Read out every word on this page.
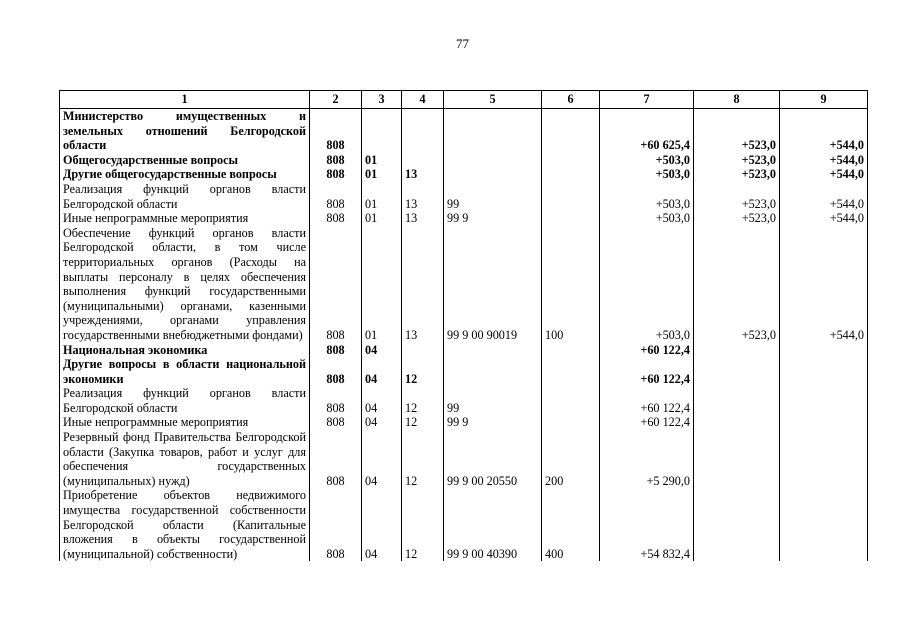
77
1	2	3	4	5	6	7	8	9
Министерство имущественных и земельных отношений Белгородской области	808					+60 625,4	+523,0	+544,0
Общегосударственные вопросы	808	01				+503,0	+523,0	+544,0
Другие общегосударственные вопросы	808	01	13			+503,0	+523,0	+544,0
Реализация функций органов власти Белгородской области	808	01	13	99		+503,0	+523,0	+544,0
Иные непрограммные мероприятия	808	01	13	99 9		+503,0	+523,0	+544,0
Обеспечение функций органов власти Белгородской области, в том числе территориальных органов (Расходы на выплаты персоналу в целях обеспечения выполнения функций государственными (муниципальными) органами, казенными учреждениями, органами управления государственными внебюджетными фондами)	808	01	13	99 9 00 90019	100	+503,0	+523,0	+544,0
Национальная экономика	808	04				+60 122,4		
Другие вопросы в области национальной экономики	808	04	12			+60 122,4		
Реализация функций органов власти Белгородской области	808	04	12	99		+60 122,4		
Иные непрограммные мероприятия	808	04	12	99 9		+60 122,4		
Резервный фонд Правительства Белгородской области (Закупка товаров, работ и услуг для обеспечения государственных (муниципальных) нужд)	808	04	12	99 9 00 20550	200	+5 290,0		
Приобретение объектов недвижимого имущества государственной собственности Белгородской области (Капитальные вложения в объекты государственной (муниципальной) собственности)	808	04	12	99 9 00 40390	400	+54 832,4		
